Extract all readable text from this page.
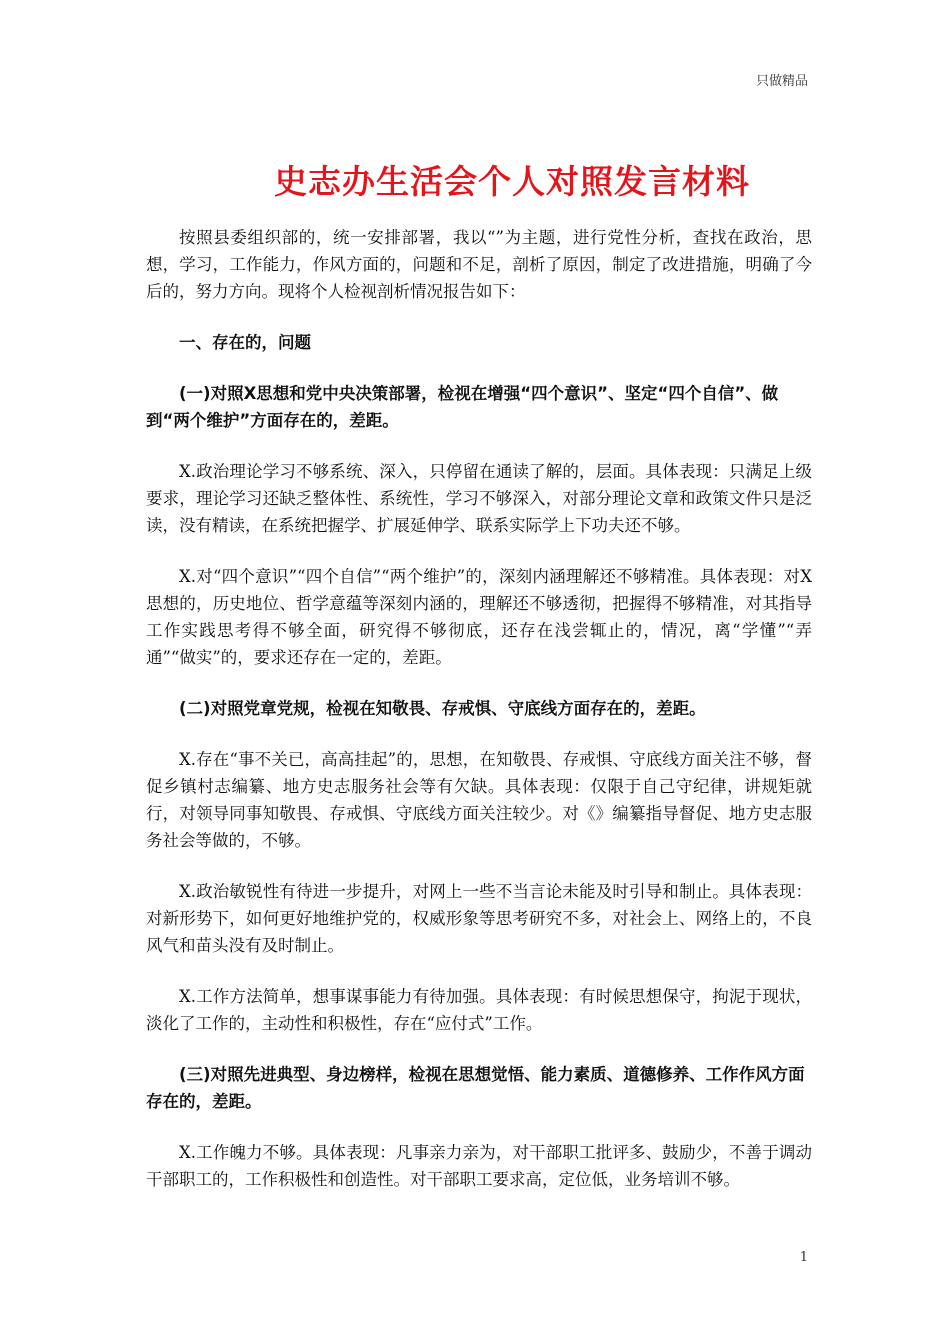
只做精品
史志办生活会个人对照发言材料

按照县委组织部的，统一安排部署，我以“”为主题，进行党性分析，查找在政治，思想，学习，工作能力，作风方面的，问题和不足，剖析了原因，制定了改进措施，明确了今后的，努力方向。现将个人检视剖析情况报告如下：

一、存在的，问题

(一)对照X思想和党中央决策部署，检视在增强“四个意识”、坚定“四个自信”、做到“两个维护”方面存在的，差距。

X.政治理论学习不够系统、深入，只停留在通读了解的，层面。具体表现：只满足上级要求，理论学习还缺乏整体性、系统性，学习不够深入，对部分理论文章和政策文件只是泛读，没有精读，在系统把握学、扩展延伸学、联系实际学上下功夫还不够。

X.对“四个意识”“四个自信”“两个维护”的，深刻内涵理解还不够精准。具体表现：对X思想的，历史地位、哲学意蕴等深刻内涵的，理解还不够透彻，把握得不够精准，对其指导工作实践思考得不够全面，研究得不够彻底，还存在浅尝辄止的，情况，离“学懂”“弄通”“做实”的，要求还存在一定的，差距。

(二)对照党章党规，检视在知敬畏、存戒惧、守底线方面存在的，差距。

X.存在“事不关已，高高挂起”的，思想，在知敬畏、存戒惧、守底线方面关注不够，督促乡镇村志编纂、地方史志服务社会等有欠缺。具体表现：仅限于自己守纪律，讲规矩就行，对领导同事知敬畏、存戒惧、守底线方面关注较少。对《》编纂指导督促、地方史志服务社会等做的，不够。

X.政治敏锐性有待进一步提升，对网上一些不当言论未能及时引导和制止。具体表现：对新形势下，如何更好地维护党的，权威形象等思考研究不多，对社会上、网络上的，不良风气和苗头没有及时制止。

X.工作方法简单，想事谋事能力有待加强。具体表现：有时候思想保守，拘泥于现状，淡化了工作的，主动性和积极性，存在“应付式”工作。

(三)对照先进典型、身边榜样，检视在思想觉悟、能力素质、道德修养、工作作风方面存在的，差距。

X.工作魄力不够。具体表现：凡事亲力亲为，对干部职工批评多、鼓励少，不善于调动干部职工的，工作积极性和创造性。对干部职工要求高，定位低，业务培训不够。

1
